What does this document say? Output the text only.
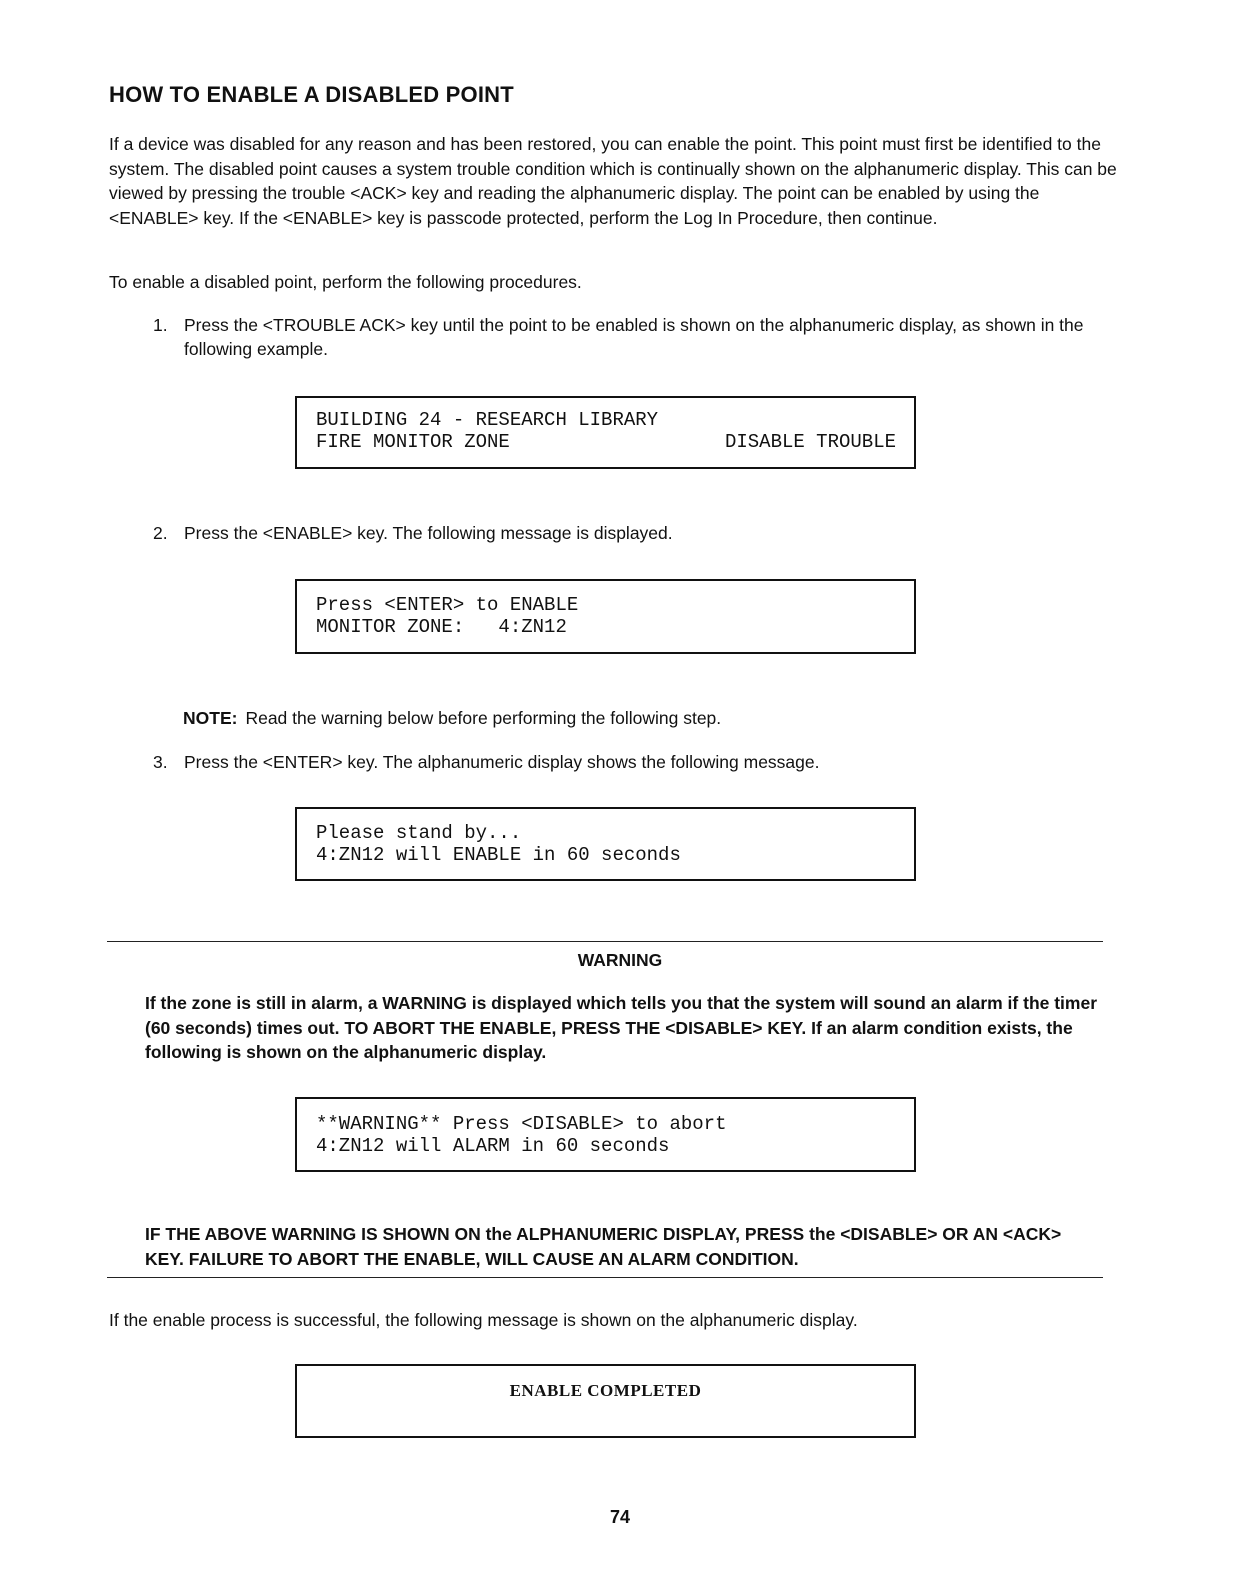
HOW TO ENABLE A DISABLED POINT
If a device was disabled for any reason and has been restored, you can enable the point. This point must first be identified to the system. The disabled point causes a system trouble condition which is continually shown on the alphanumeric display. This can be viewed by pressing the trouble <ACK> key and reading the alphanumeric display. The point can be enabled by using the <ENABLE> key. If the <ENABLE> key is passcode protected, perform the Log In Procedure, then continue.
To enable a disabled point, perform the following procedures.
1. Press the <TROUBLE ACK> key until the point to be enabled is shown on the alphanumeric display, as shown in the following example.
BUILDING 24 - RESEARCH LIBRARY
FIRE MONITOR ZONE	DISABLE TROUBLE
2. Press the <ENABLE> key. The following message is displayed.
Press <ENTER> to ENABLE
MONITOR ZONE:   4:ZN12
NOTE: Read the warning below before performing the following step.
3. Press the <ENTER> key. The alphanumeric display shows the following message.
Please stand by...
4:ZN12 will ENABLE in 60 seconds
WARNING
If the zone is still in alarm, a WARNING is displayed which tells you that the system will sound an alarm if the timer (60 seconds) times out. TO ABORT THE ENABLE, PRESS THE <DISABLE> KEY. If an alarm condition exists, the following is shown on the alphanumeric display.
**WARNING** Press <DISABLE> to abort
4:ZN12 will ALARM in 60 seconds
IF THE ABOVE WARNING IS SHOWN ON the ALPHANUMERIC DISPLAY, PRESS the <DISABLE> OR AN <ACK> KEY. FAILURE TO ABORT THE ENABLE, WILL CAUSE AN ALARM CONDITION.
If the enable process is successful, the following message is shown on the alphanumeric display.
ENABLE COMPLETED
74
